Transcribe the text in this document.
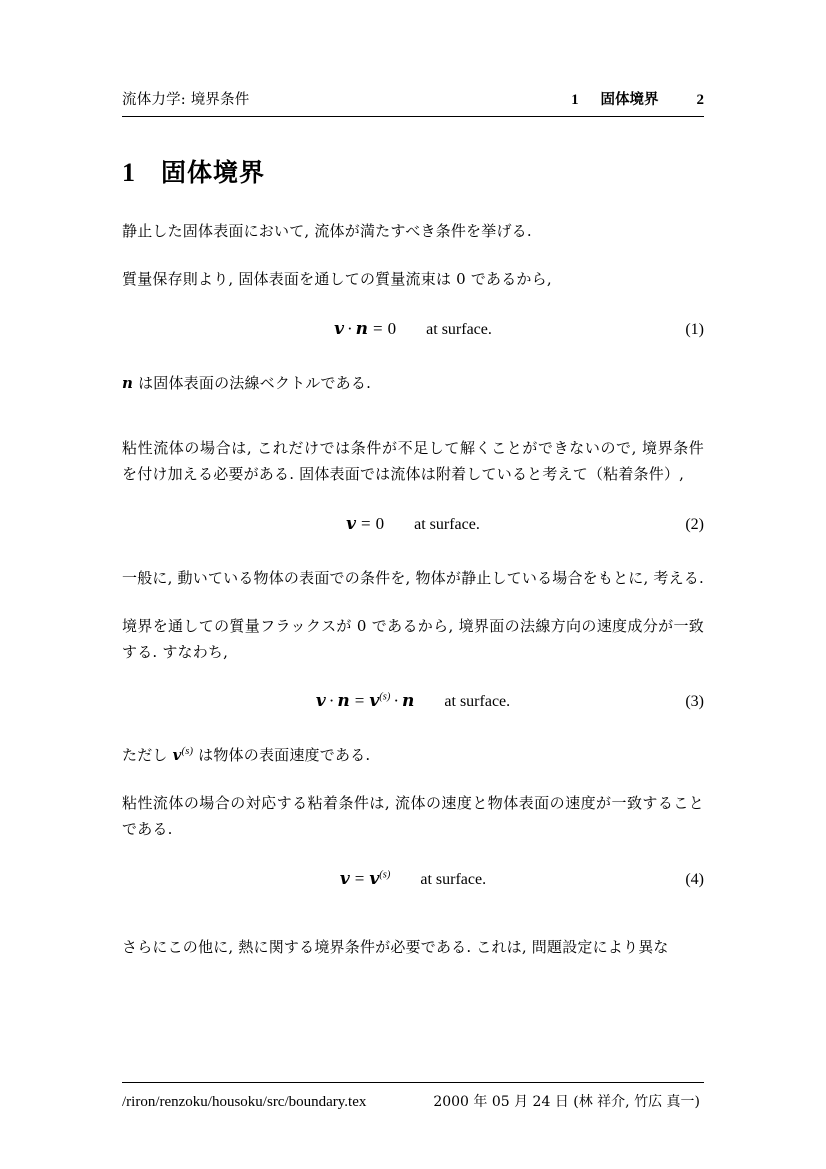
流体力学: 境界条件	1 固体境界	2
1 固体境界

静止した固体表面において, 流体が満たすべき条件を挙げる.

質量保存則より, 固体表面を通しての質量流束は 0 であるから,

v · n = 0 at surface.	(1)

n は固体表面の法線ベクトルである.

粘性流体の場合は, これだけでは条件が不足して解くことができないので, 境界条件を付け加える必要がある. 固体表面では流体は附着していると考えて（粘着条件）,

v = 0 at surface.	(2)

一般に, 動いている物体の表面での条件を, 物体が静止している場合をもとに, 考える.

境界を通しての質量フラックスが 0 であるから, 境界面の法線方向の速度成分が一致する. すなわち,

$v \cdot n = v^{(s)} \cdot n$ at surface.	(3)

ただし $v^{(s)}$ は物体の表面速度である.

粘性流体の場合の対応する粘着条件は, 流体の速度と物体表面の速度が一致することである.

$v = v^{(s)}$ at surface.	(4)

さらにこの他に, 熱に関する境界条件が必要である. これは, 問題設定により異な

/riron/renzoku/housoku/src/boundary.tex	2000 年 05 月 24 日 (林 祥介, 竹広 真一)
